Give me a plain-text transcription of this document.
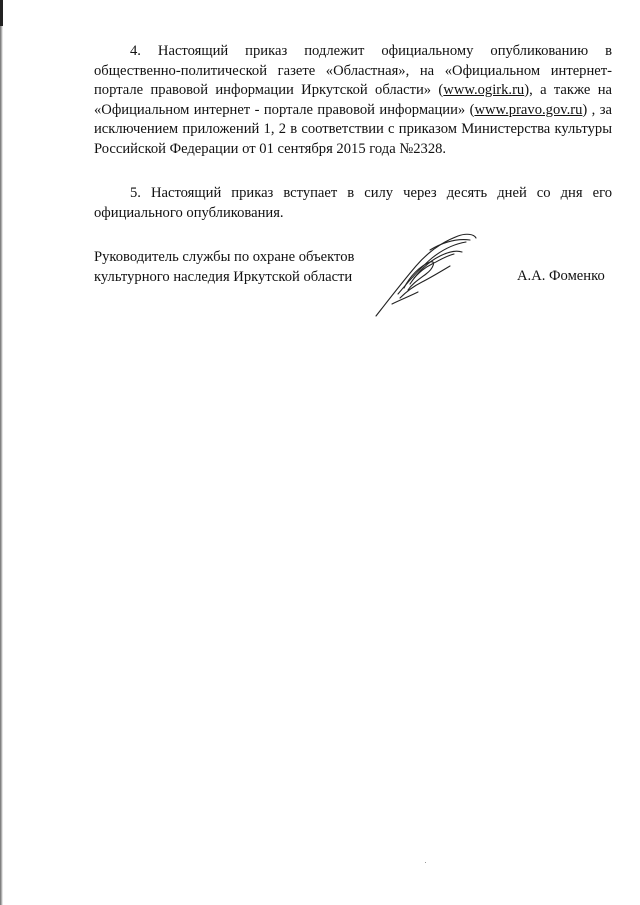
4. Настоящий приказ подлежит официальному опубликованию в общественно-политической газете «Областная», на «Официальном интернет-портале правовой информации Иркутской области» (www.ogirk.ru), а также на «Официальном интернет - портале правовой информации» (www.pravo.gov.ru) , за исключением приложений 1, 2 в соответствии с приказом Министерства культуры Российской Федерации от 01 сентября 2015 года №2328.

5. Настоящий приказ вступает в силу через десять дней со дня его официального опубликования.

Руководитель службы по охране объектов
культурного наследия Иркутской области	А.А. Фоменко
